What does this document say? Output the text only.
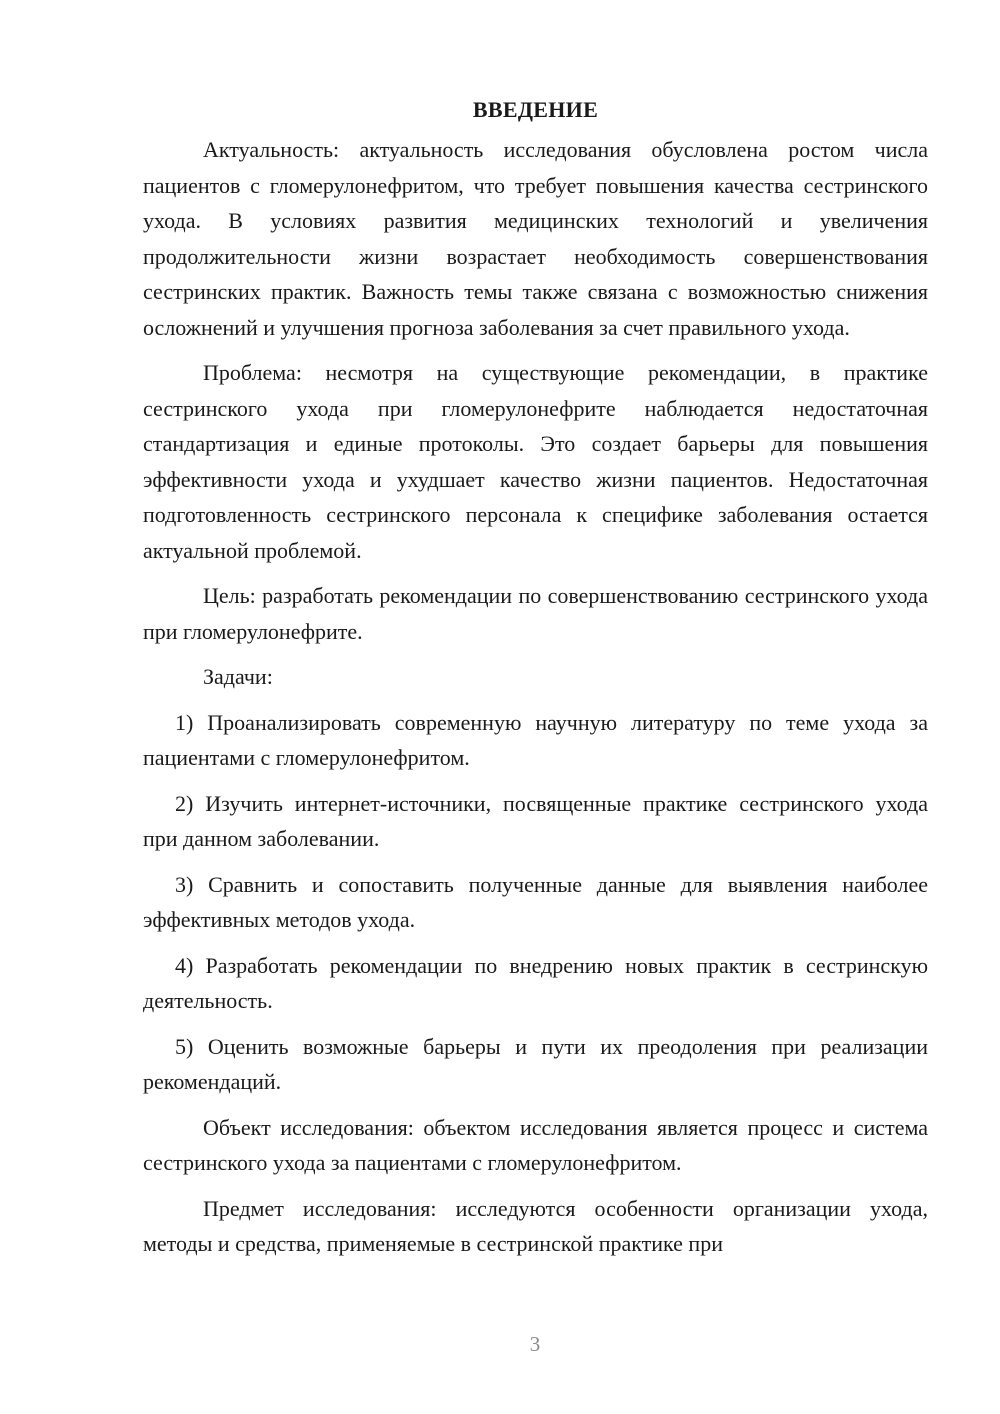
ВВЕДЕНИЕ

Актуальность: актуальность исследования обусловлена ростом числа пациентов с гломерулонефритом, что требует повышения качества сестринского ухода. В условиях развития медицинских технологий и увеличения продолжительности жизни возрастает необходимость совершенствования сестринских практик. Важность темы также связана с возможностью снижения осложнений и улучшения прогноза заболевания за счет правильного ухода.

Проблема: несмотря на существующие рекомендации, в практике сестринского ухода при гломерулонефрите наблюдается недостаточная стандартизация и единые протоколы. Это создает барьеры для повышения эффективности ухода и ухудшает качество жизни пациентов. Недостаточная подготовленность сестринского персонала к специфике заболевания остается актуальной проблемой.

Цель: разработать рекомендации по совершенствованию сестринского ухода при гломерулонефрите.

Задачи:

1) Проанализировать современную научную литературу по теме ухода за пациентами с гломерулонефритом.

2) Изучить интернет-источники, посвященные практике сестринского ухода при данном заболевании.

3) Сравнить и сопоставить полученные данные для выявления наиболее эффективных методов ухода.

4) Разработать рекомендации по внедрению новых практик в сестринскую деятельность.

5) Оценить возможные барьеры и пути их преодоления при реализации рекомендаций.

Объект исследования: объектом исследования является процесс и система сестринского ухода за пациентами с гломерулонефритом.

Предмет исследования: исследуются особенности организации ухода, методы и средства, применяемые в сестринской практике при

3
